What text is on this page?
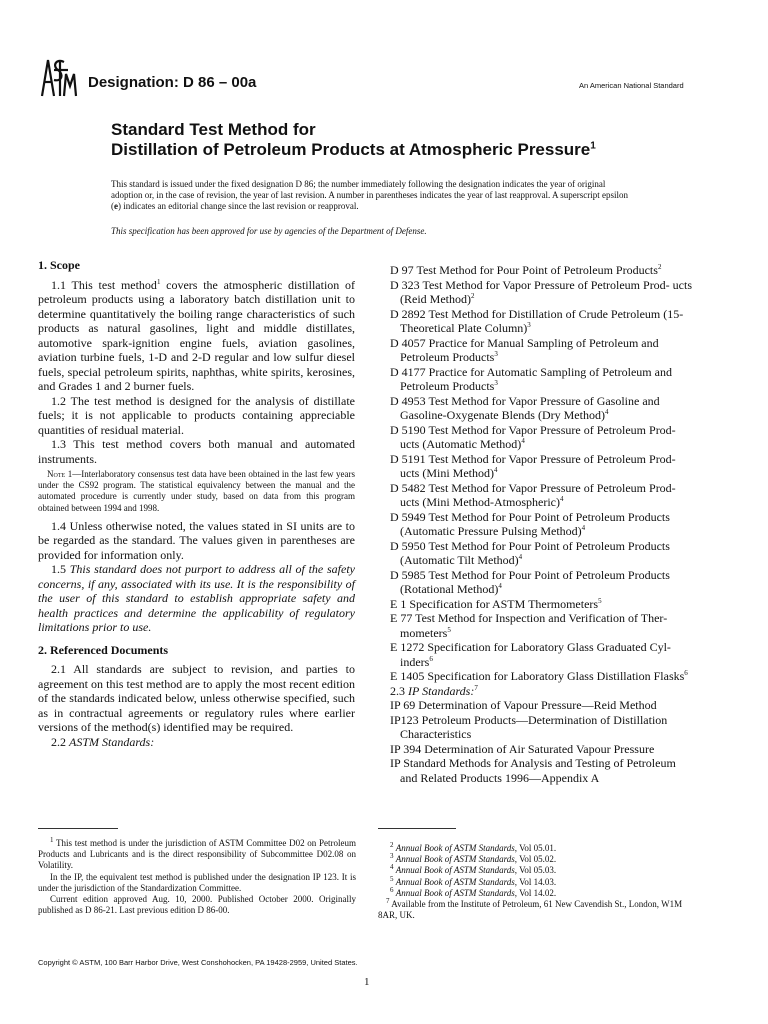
Designation: D 86 – 00a	An American National Standard
Standard Test Method for
Distillation of Petroleum Products at Atmospheric Pressure$^1$
This standard is issued under the fixed designation D 86; the number immediately following the designation indicates the year of original adoption or, in the case of revision, the year of last revision. A number in parentheses indicates the year of last reapproval. A superscript epsilon (e) indicates an editorial change since the last revision or reapproval.
This specification has been approved for use by agencies of the Department of Defense.

1. Scope

1.1 This test method$^1$ covers the atmospheric distillation of petroleum products using a laboratory batch distillation unit to determine quantitatively the boiling range characteristics of such products as natural gasolines, light and middle distillates, automotive spark-ignition engine fuels, aviation gasolines, aviation turbine fuels, 1-D and 2-D regular and low sulfur diesel fuels, special petroleum spirits, naphthas, white spirits, kerosines, and Grades 1 and 2 burner fuels.

1.2 The test method is designed for the analysis of distillate fuels; it is not applicable to products containing appreciable quantities of residual material.

1.3 This test method covers both manual and automated instruments.

 Note 1—Interlaboratory consensus test data have been obtained in the last few years under the CS92 program. The statistical equivalency between the manual and the automated procedure is currently under study, based on data from this program obtained between 1994 and 1998.

1.4 Unless otherwise noted, the values stated in SI units are to be regarded as the standard. The values given in parentheses are provided for information only.

1.5 This standard does not purport to address all of the safety concerns, if any, associated with its use. It is the responsibility of the user of this standard to establish appropriate safety and health practices and determine the applicability of regulatory limitations prior to use.

2. Referenced Documents

2.1 All standards are subject to revision, and parties to agreement on this test method are to apply the most recent edition of the standards indicated below, unless otherwise specified, such as in contractual agreements or regulatory rules where earlier versions of the method(s) identified may be required.

2.2 ASTM Standards:

D 97 Test Method for Pour Point of Petroleum Products$^2$

D 323 Test Method for Vapor Pressure of Petroleum Prod- ucts (Reid Method)$^2$

D 2892 Test Method for Distillation of Crude Petroleum (15-Theoretical Plate Column)$^3$

D 4057 Practice for Manual Sampling of Petroleum and Petroleum Products$^3$

D 4177 Practice for Automatic Sampling of Petroleum and Petroleum Products$^3$

D 4953 Test Method for Vapor Pressure of Gasoline and Gasoline-Oxygenate Blends (Dry Method)$^4$

D 5190 Test Method for Vapor Pressure of Petroleum Prod- ucts (Automatic Method)$^4$

D 5191 Test Method for Vapor Pressure of Petroleum Prod- ucts (Mini Method)$^4$

D 5482 Test Method for Vapor Pressure of Petroleum Prod- ucts (Mini Method-Atmospheric)$^4$

D 5949 Test Method for Pour Point of Petroleum Products (Automatic Pressure Pulsing Method)$^4$

D 5950 Test Method for Pour Point of Petroleum Products (Automatic Tilt Method)$^4$

D 5985 Test Method for Pour Point of Petroleum Products (Rotational Method)$^4$

E 1 Specification for ASTM Thermometers$^5$

E 77 Test Method for Inspection and Verification of Ther- mometers$^5$

E 1272 Specification for Laboratory Glass Graduated Cyl- inders$^6$

E 1405 Specification for Laboratory Glass Distillation Flasks$^6$

2.3 IP Standards:$^7$

IP 69 Determination of Vapour Pressure—Reid Method

IP123 Petroleum Products—Determination of Distillation Characteristics

IP 394 Determination of Air Saturated Vapour Pressure

IP Standard Methods for Analysis and Testing of Petroleum and Related Products 1996—Appendix A

$^1$ This test method is under the jurisdiction of ASTM Committee D02 on Petroleum Products and Lubricants and is the direct responsibility of Subcommittee D02.08 on Volatility.

In the IP, the equivalent test method is published under the designation IP 123. It is under the jurisdiction of the Standardization Committee.

Current edition approved Aug. 10, 2000. Published October 2000. Originally published as D 86-21. Last previous edition D 86-00.

$^2$ Annual Book of ASTM Standards, Vol 05.01.

$^3$ Annual Book of ASTM Standards, Vol 05.02.

$^4$ Annual Book of ASTM Standards, Vol 05.03.

$^5$ Annual Book of ASTM Standards, Vol 14.03.

$^6$ Annual Book of ASTM Standards, Vol 14.02.

$^7$ Available from the Institute of Petroleum, 61 New Cavendish St., London, W1M 8AR, UK.

Copyright © ASTM, 100 Barr Harbor Drive, West Conshohocken, PA 19428-2959, United States.
1
